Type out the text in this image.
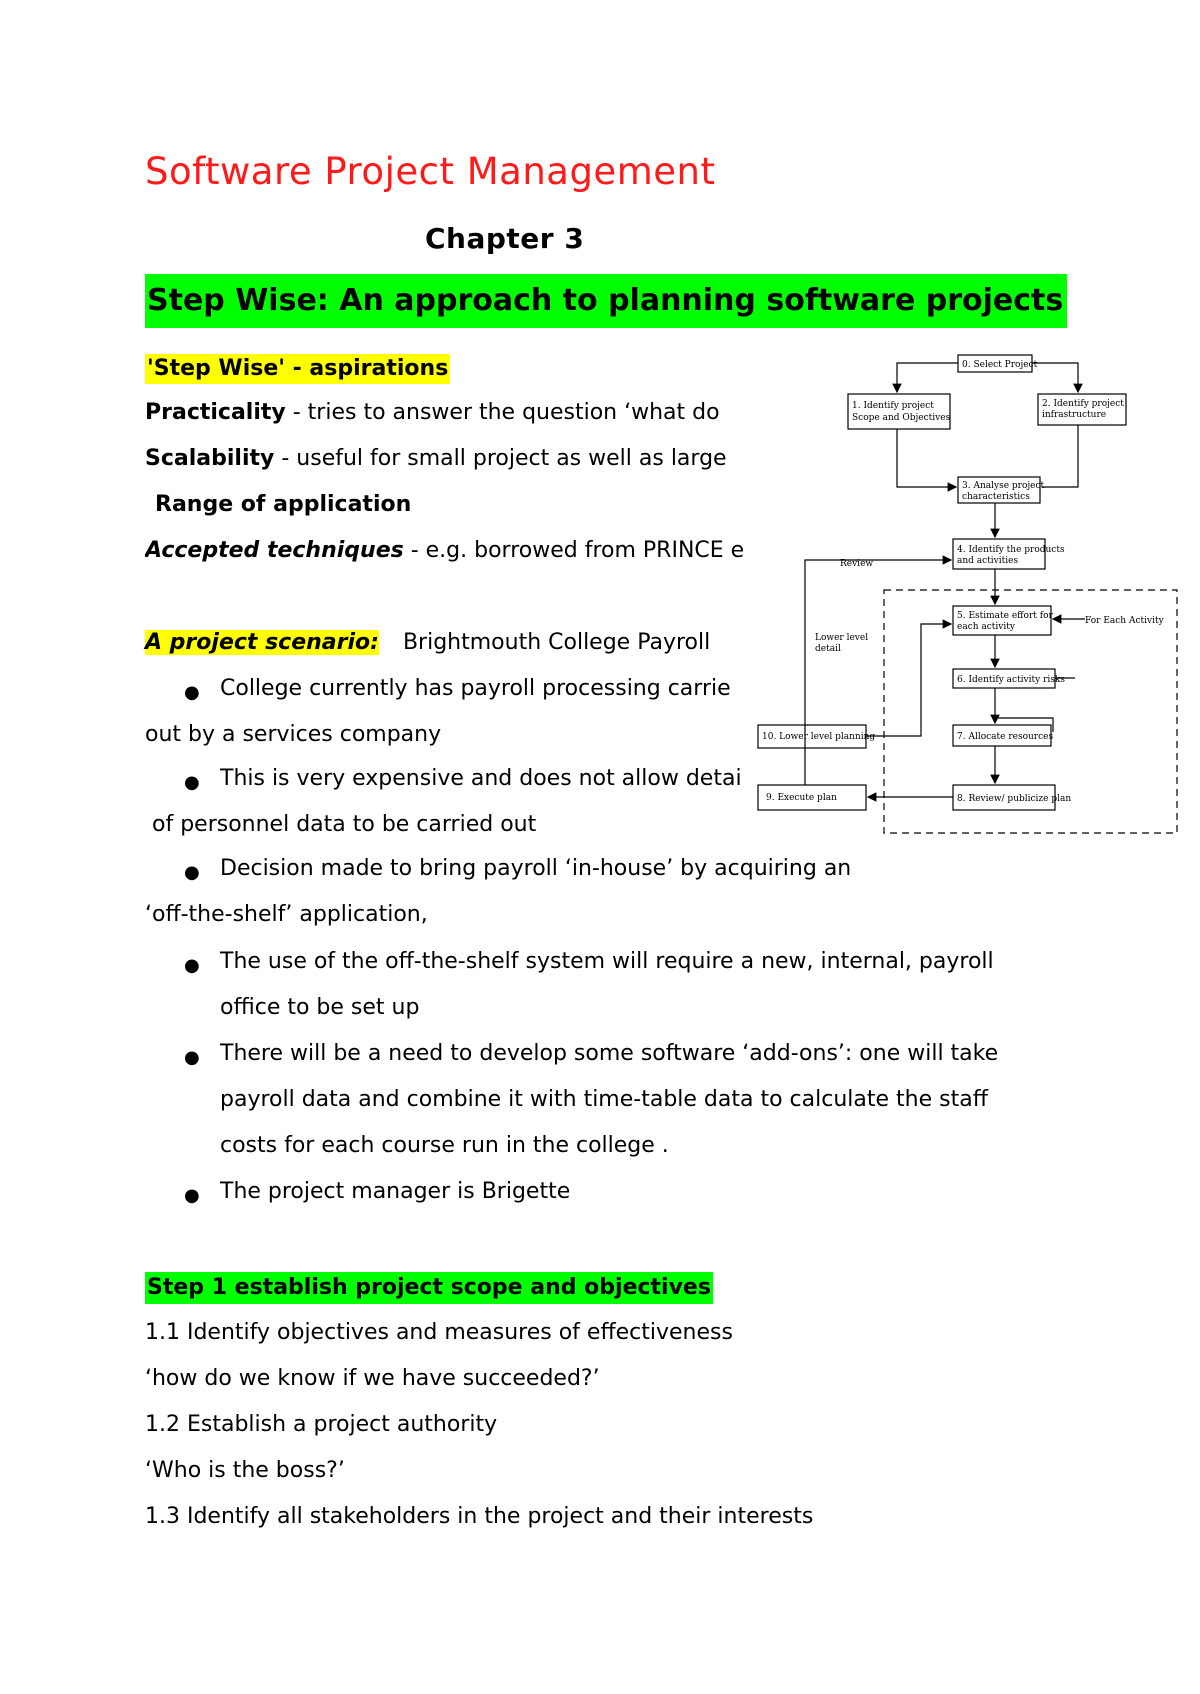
Software Project Management
Chapter 3
Step Wise: An approach to planning software projects
'Step Wise' - aspirations
Practicality - tries to answer the question ‘what do
Scalability - useful for small project as well as large
Range of application
Accepted techniques - e.g. borrowed from PRINCE e
A project scenario: Brightmouth College Payroll
● College currently has payroll processing carrie
out by a services company
● This is very expensive and does not allow detai
of personnel data to be carried out
● Decision made to bring payroll ‘in-house’ by acquiring an
‘off-the-shelf’ application,
● The use of the off-the-shelf system will require a new, internal, payroll
office to be set up
● There will be a need to develop some software ‘add-ons’: one will take
payroll data and combine it with time-table data to calculate the staff
costs for each course run in the college .
● The project manager is Brigette
Step 1 establish project scope and objectives
1.1 Identify objectives and measures of effectiveness
‘how do we know if we have succeeded?’
1.2 Establish a project authority
‘Who is the boss?’
1.3 Identify all stakeholders in the project and their interests
0. Select Project
1. Identify project
Scope and Objectives
2. Identify project
infrastructure
3. Analyse project
characteristics
4. Identify the products
and activities
5. Estimate effort for
each activity
6. Identify activity risks
7. Allocate resources
8. Review/ publicize plan
9. Execute plan
10. Lower level planning
Review
Lower level
detail
For Each Activity
